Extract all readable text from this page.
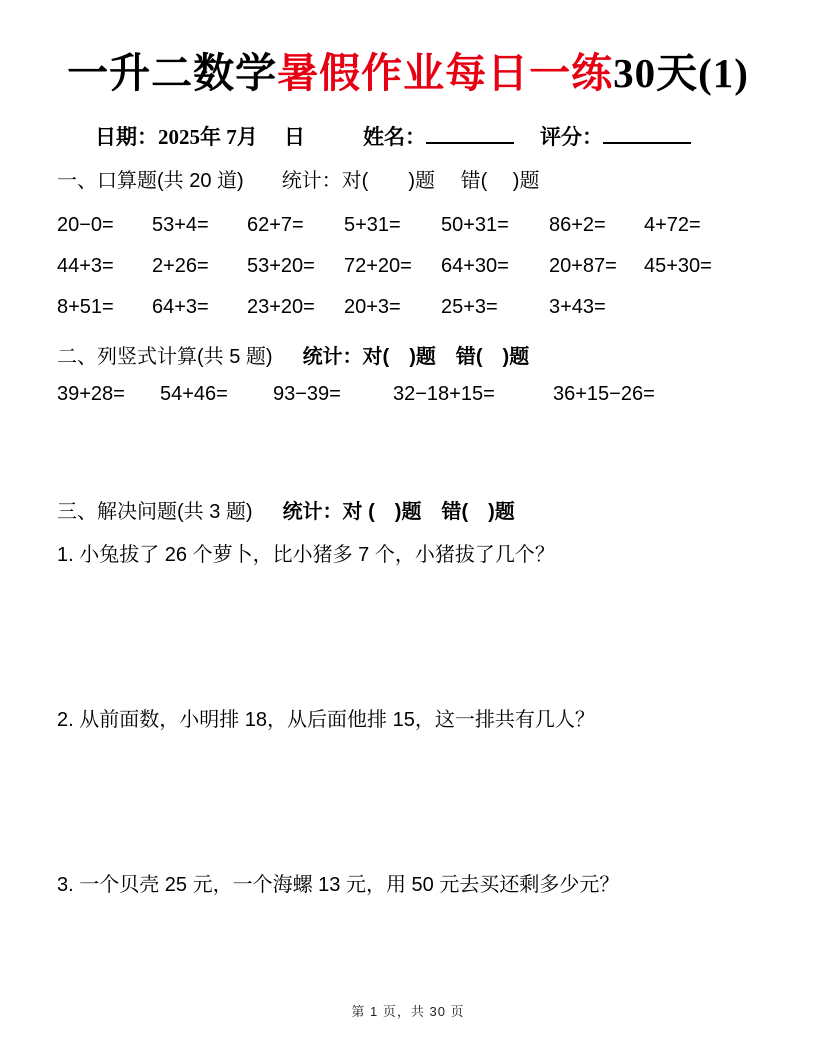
一升二数学暑假作业每日一练30天(1)
日期：2025年 7月　 日	姓名：	评分：
一、口算题(共 20 道) 统计：对(　　)题　 错(　 )题
20−0=	53+4=	62+7=	5+31=	50+31=	86+2=	4+72=
44+3=	2+26=	53+20=	72+20=	64+30=	20+87=	45+30=
8+51=	64+3=	23+20=	20+3=	25+3=	3+43=
二、列竖式计算(共 5 题) 统计：对(　)题　错(　)题
39+28=	54+46=	93−39=	32−18+15=	36+15−26=
三、解决问题(共 3 题) 统计：对 (　)题　错(　)题
1. 小兔拔了 26 个萝卜，比小猪多 7 个，小猪拔了几个？
2. 从前面数，小明排 18，从后面他排 15，这一排共有几人？
3. 一个贝壳 25 元，一个海螺 13 元，用 50 元去买还剩多少元？
第 1 页，共 30 页
